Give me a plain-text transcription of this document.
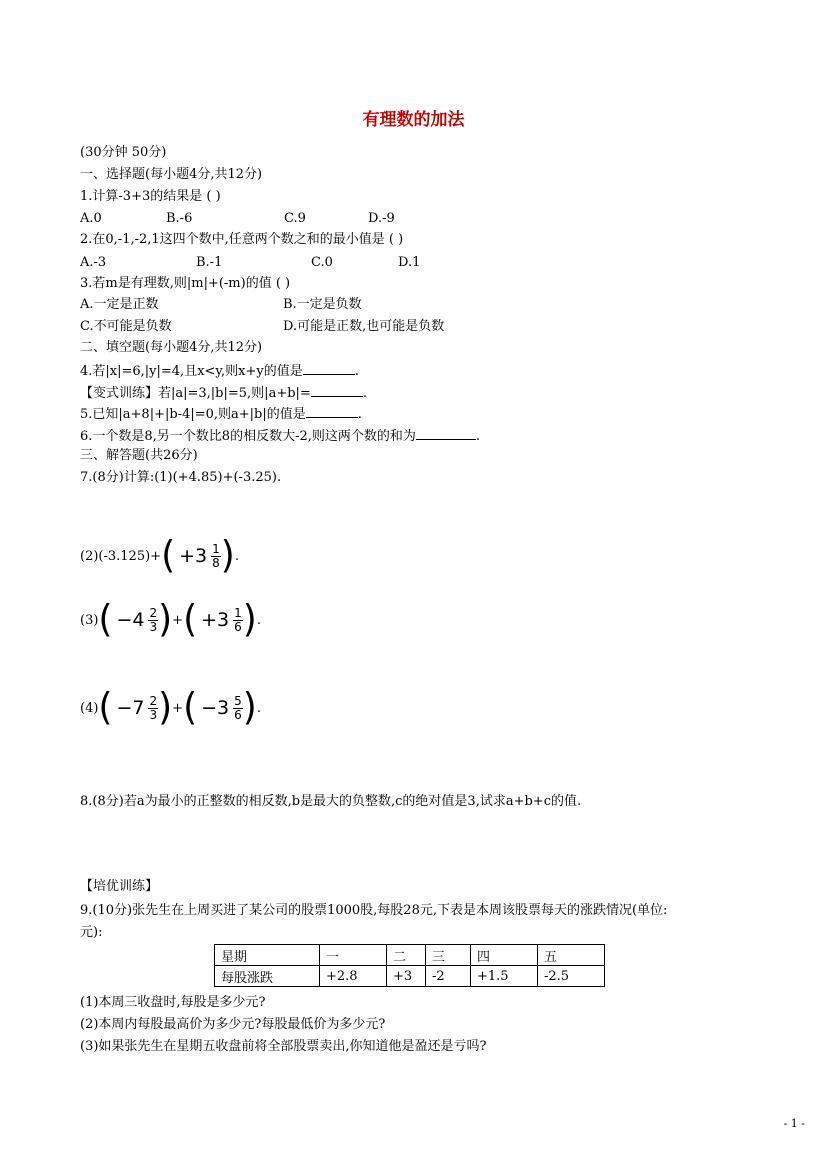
有理数的加法
(30分钟 50分)
一、选择题(每小题4分,共12分)
1.计算-3+3的结果是 ( )
A.0	B.-6	C.9	D.-9
2.在0,-1,-2,1这四个数中,任意两个数之和的最小值是 ( )
A.-3	B.-1	C.0	D.1
3.若m是有理数,则|m|+(-m)的值 ( )
A.一定是正数	B.一定是负数
C.不可能是负数	D.可能是正数,也可能是负数
二、填空题(每小题4分,共12分)
4.若|x|=6,|y|=4,且x<y,则x+y的值是	.
【变式训练】若|a|=3,|b|=5,则|a+b|=	.
5.已知|a+8|+|b-4|=0,则a+|b|的值是	.
6.一个数是8,另一个数比8的相反数大-2,则这两个数的和为	.
三、解答题(共26分)
7.(8分)计算:(1)(+4.85)+(-3.25).
(2) (-3.125)+ ( $+3 \frac{1}{8}$ ) .
(3) ( $-4 \frac{2}{3}$ ) + ( $+3 \frac{1}{6}$ ) .
(4) ( $-7 \frac{2}{3}$ ) + ( $-3 \frac{5}{6}$ ) .
8.(8分)若a为最小的正整数的相反数,b是最大的负整数,c的绝对值是3,试求a+b+c的值.
【培优训练】
9.(10分)张先生在上周买进了某公司的股票1000股,每股28元,下表是本周该股票每天的涨跌情况(单位:
元):
星期	一	二	三	四	五
每股涨跌	+2.8	+3	-2	+1.5	-2.5
(1)本周三收盘时,每股是多少元?
(2)本周内每股最高价为多少元?每股最低价为多少元?
(3)如果张先生在星期五收盘前将全部股票卖出,你知道他是盈还是亏吗?
- 1 -
